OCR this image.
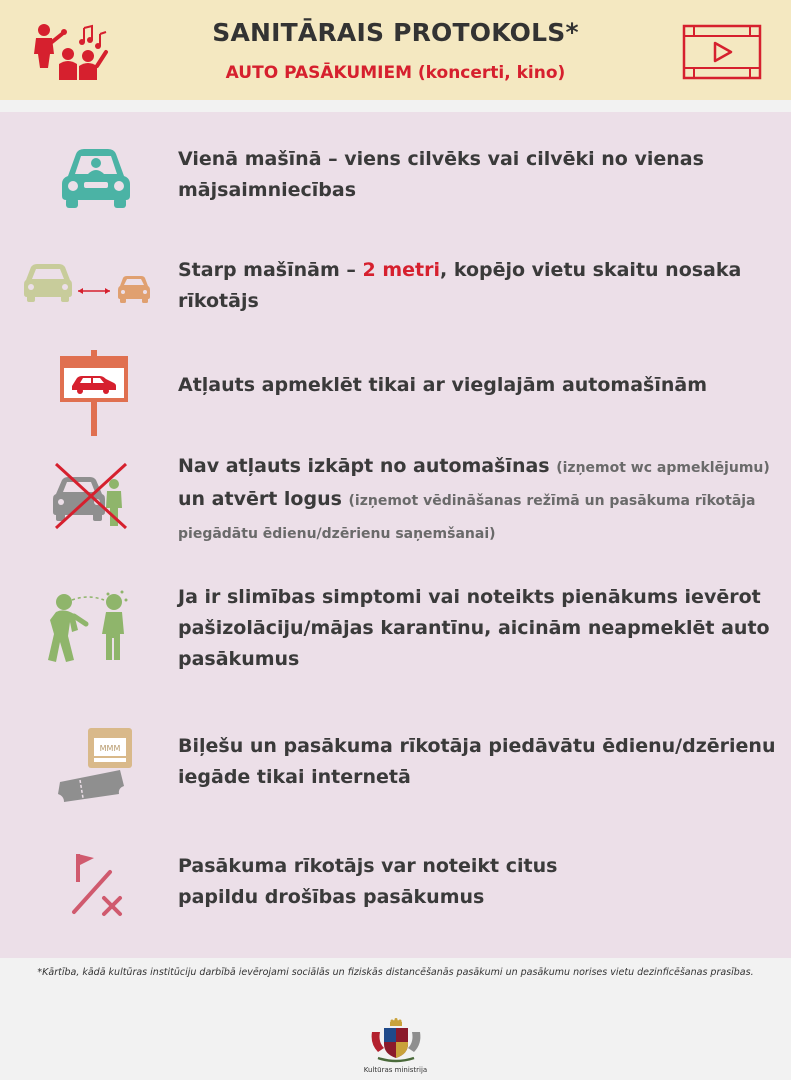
SANITĀRAIS PROTOKOLS*
AUTO PASĀKUMIEM (koncerti, kino)
Vienā mašīnā – viens cilvēks vai cilvēki no vienas mājsaimniecības
Starp mašīnām – 2 metri, kopējo vietu skaitu nosaka rīkotājs
Atļauts apmeklēt tikai ar vieglajām automašīnām
Nav atļauts izkāpt no automašīnas (izņemot wc apmeklējumu) un atvērt logus (izņemot vēdināšanas režīmā un pasākuma rīkotāja piegādātu ēdienu/dzērienu saņemšanai)
Ja ir slimības simptomi vai noteikts pienākums ievērot pašizolāciju/mājas karantīnu, aicinām neapmeklēt auto pasākumus
MMM	Biļešu un pasākuma rīkotāja piedāvātu ēdienu/dzērienu iegāde tikai internetā
Pasākuma rīkotājs var noteikt citus
papildu drošības pasākumus
*Kārtība, kādā kultūras institūciju darbībā ievērojami sociālās un fiziskās distancēšanās pasākumi un pasākumu norises vietu dezinficēšanas prasības.
Kultūras ministrija
